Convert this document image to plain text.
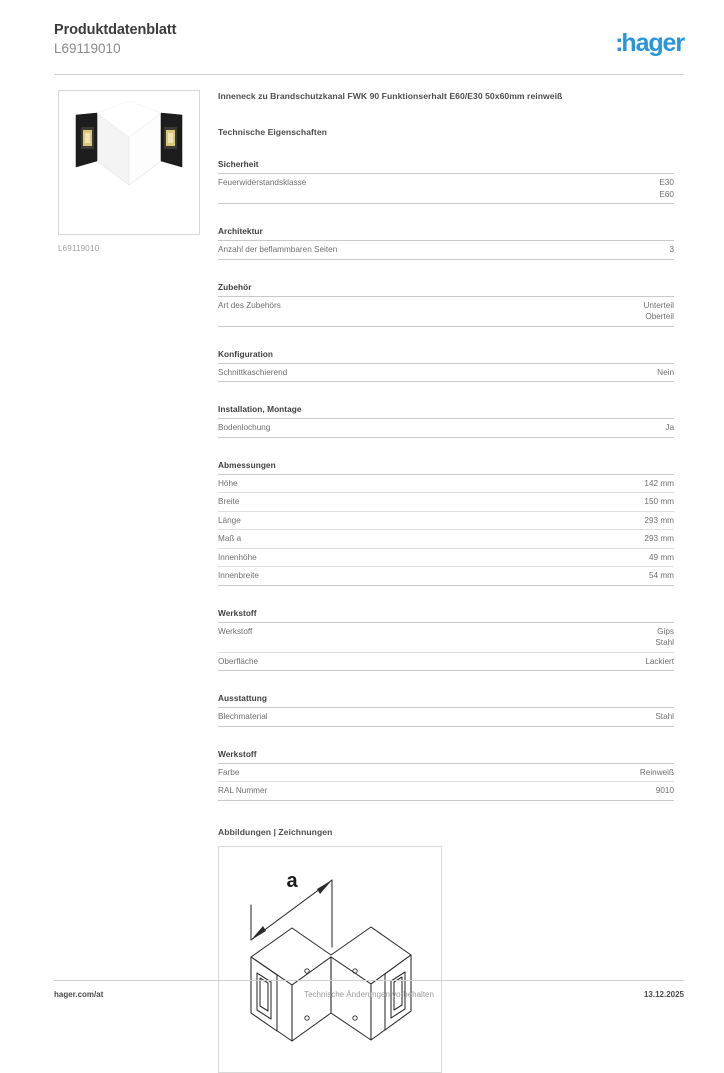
Produktdatenblatt
L69119010	:hager
L69119010
Inneneck zu Brandschutzkanal FWK 90 Funktionserhalt E60/E30 50x60mm reinweiß
Technische Eigenschaften
Sicherheit
Feuerwiderstandsklasse	E30
E60
Architektur
Anzahl der beflammbaren Seiten	3
Zubehör
Art des Zubehörs	Unterteil
Oberteil
Konfiguration
Schnittkaschierend	Nein
Installation, Montage
Bodenlochung	Ja
Abmessungen
Höhe	142 mm
Breite	150 mm
Länge	293 mm
Maß a	293 mm
Innenhöhe	49 mm
Innenbreite	54 mm
Werkstoff
Werkstoff	Gips
Stahl
Oberfläche	Lackiert
Ausstattung
Blechmaterial	Stahl
Werkstoff
Farbe	Reinweiß
RAL Nummer	9010
Abbildungen | Zeichnungen
a
hager.com/at	Technische Änderungen vorbehalten	13.12.2025
